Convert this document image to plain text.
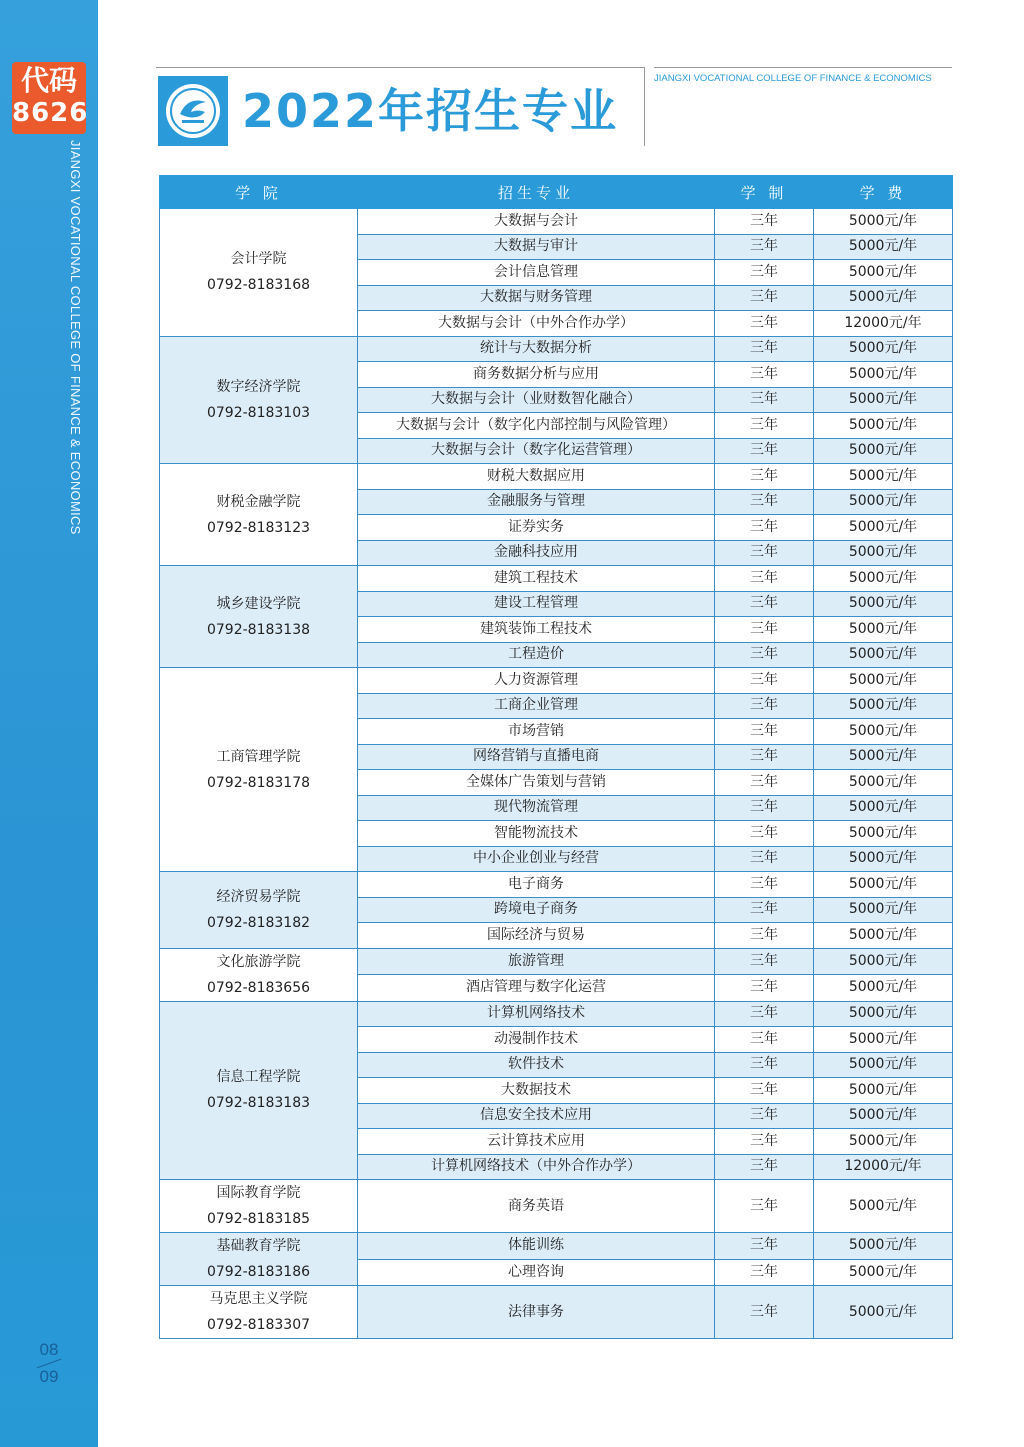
代码
8626
JIANGXI VOCATIONAL COLLEGE OF FINANCE & ECONOMICS
08
09
2022年招生专业
JIANGXI VOCATIONAL COLLEGE OF FINANCE & ECONOMICS
学 院	招生专业	学 制	学 费

会计学院
0792-8183168	大数据与会计	三年	5000元/年
	大数据与审计	三年	5000元/年
	会计信息管理	三年	5000元/年
	大数据与财务管理	三年	5000元/年
	大数据与会计（中外合作办学）	三年	12000元/年

数字经济学院
0792-8183103	统计与大数据分析	三年	5000元/年
	商务数据分析与应用	三年	5000元/年
	大数据与会计（业财数智化融合）	三年	5000元/年
	大数据与会计（数字化内部控制与风险管理）	三年	5000元/年
	大数据与会计（数字化运营管理）	三年	5000元/年

财税金融学院
0792-8183123	财税大数据应用	三年	5000元/年
	金融服务与管理	三年	5000元/年
	证券实务	三年	5000元/年
	金融科技应用	三年	5000元/年

城乡建设学院
0792-8183138	建筑工程技术	三年	5000元/年
	建设工程管理	三年	5000元/年
	建筑装饰工程技术	三年	5000元/年
	工程造价	三年	5000元/年

工商管理学院
0792-8183178	人力资源管理	三年	5000元/年
	工商企业管理	三年	5000元/年
	市场营销	三年	5000元/年
	网络营销与直播电商	三年	5000元/年
	全媒体广告策划与营销	三年	5000元/年
	现代物流管理	三年	5000元/年
	智能物流技术	三年	5000元/年
	中小企业创业与经营	三年	5000元/年

经济贸易学院
0792-8183182	电子商务	三年	5000元/年
	跨境电子商务	三年	5000元/年
	国际经济与贸易	三年	5000元/年

文化旅游学院
0792-8183656	旅游管理	三年	5000元/年
	酒店管理与数字化运营	三年	5000元/年

信息工程学院
0792-8183183	计算机网络技术	三年	5000元/年
	动漫制作技术	三年	5000元/年
	软件技术	三年	5000元/年
	大数据技术	三年	5000元/年
	信息安全技术应用	三年	5000元/年
	云计算技术应用	三年	5000元/年
	计算机网络技术（中外合作办学）	三年	12000元/年

国际教育学院
0792-8183185	商务英语	三年	5000元/年

基础教育学院
0792-8183186	体能训练	三年	5000元/年
	心理咨询	三年	5000元/年

马克思主义学院
0792-8183307	法律事务	三年	5000元/年
